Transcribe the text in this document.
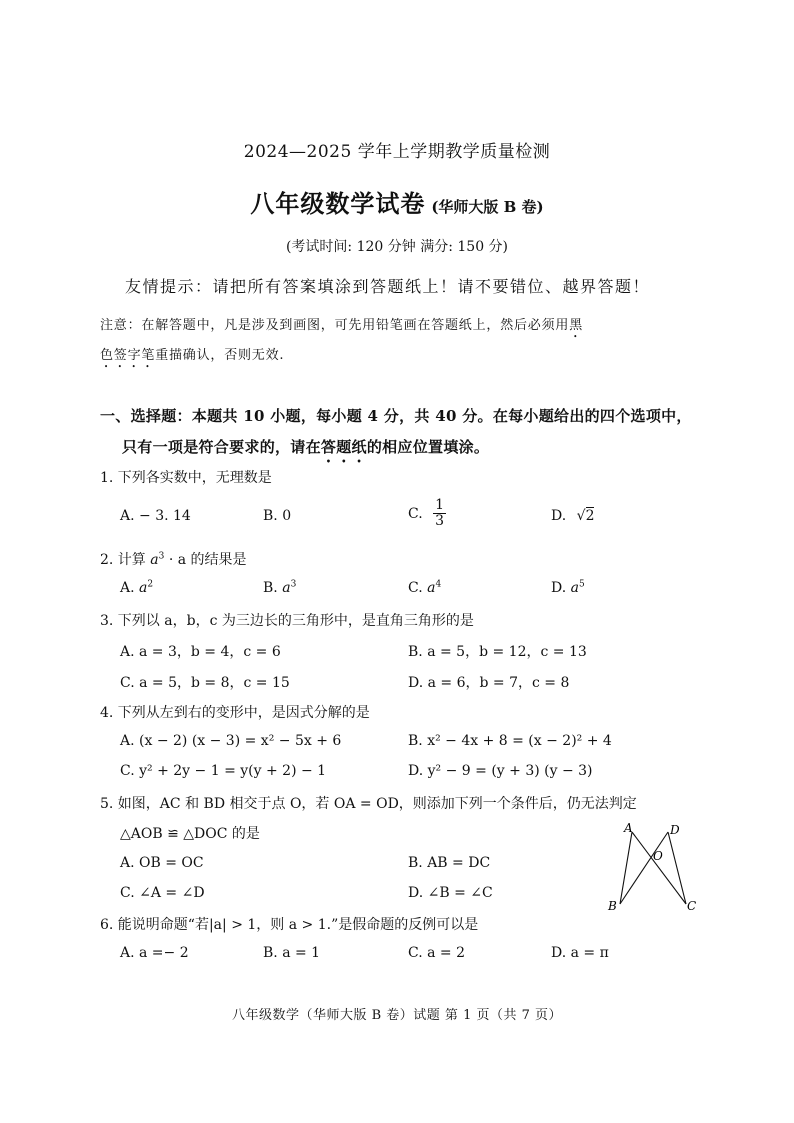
2024—2025 学年上学期教学质量检测
八年级数学试卷 (华师大版 B 卷)
(考试时间: 120 分钟 满分: 150 分)
友情提示：请把所有答案填涂到答题纸上！请不要错位、越界答题！
注意：在解答题中，凡是涉及到画图，可先用铅笔画在答题纸上，然后必须用黑
色签字笔重描确认，否则无效.
一、选择题：本题共 10 小题，每小题 4 分，共 40 分。在每小题给出的四个选项中，
只有一项是符合要求的，请在答题纸的相应位置填涂。
1. 下列各实数中，无理数是
A. − 3. 14	B. 0	C. $\frac{1}{3}$	D. √2
2. 计算 $a^3 \cdot a$ 的结果是
A. $a^2$	B. $a^3$	C. $a^4$	D. $a^5$
3. 下列以 a，b，c 为三边长的三角形中，是直角三角形的是
A. a = 3，b = 4，c = 6	B. a = 5，b = 12，c = 13
C. a = 5，b = 8，c = 15	D. a = 6，b = 7，c = 8
4. 下列从左到右的变形中，是因式分解的是
A. (x − 2) (x − 3) = x² − 5x + 6	B. x² − 4x + 8 = (x − 2)² + 4
C. y² + 2y − 1 = y(y + 2) − 1	D. y² − 9 = (y + 3) (y − 3)
5. 如图，AC 和 BD 相交于点 O，若 OA = OD，则添加下列一个条件后，仍无法判定
△AOB ≌ △DOC 的是
A. OB = OC	B. AB = DC
C. ∠A = ∠D	D. ∠B = ∠C
A	D
O
B	C
6. 能说明命题“若|a| > 1，则 a > 1.”是假命题的反例可以是
A. a =− 2	B. a = 1	C. a = 2	D. a = π
八年级数学（华师大版 B 卷）试题 第 1 页（共 7 页）
